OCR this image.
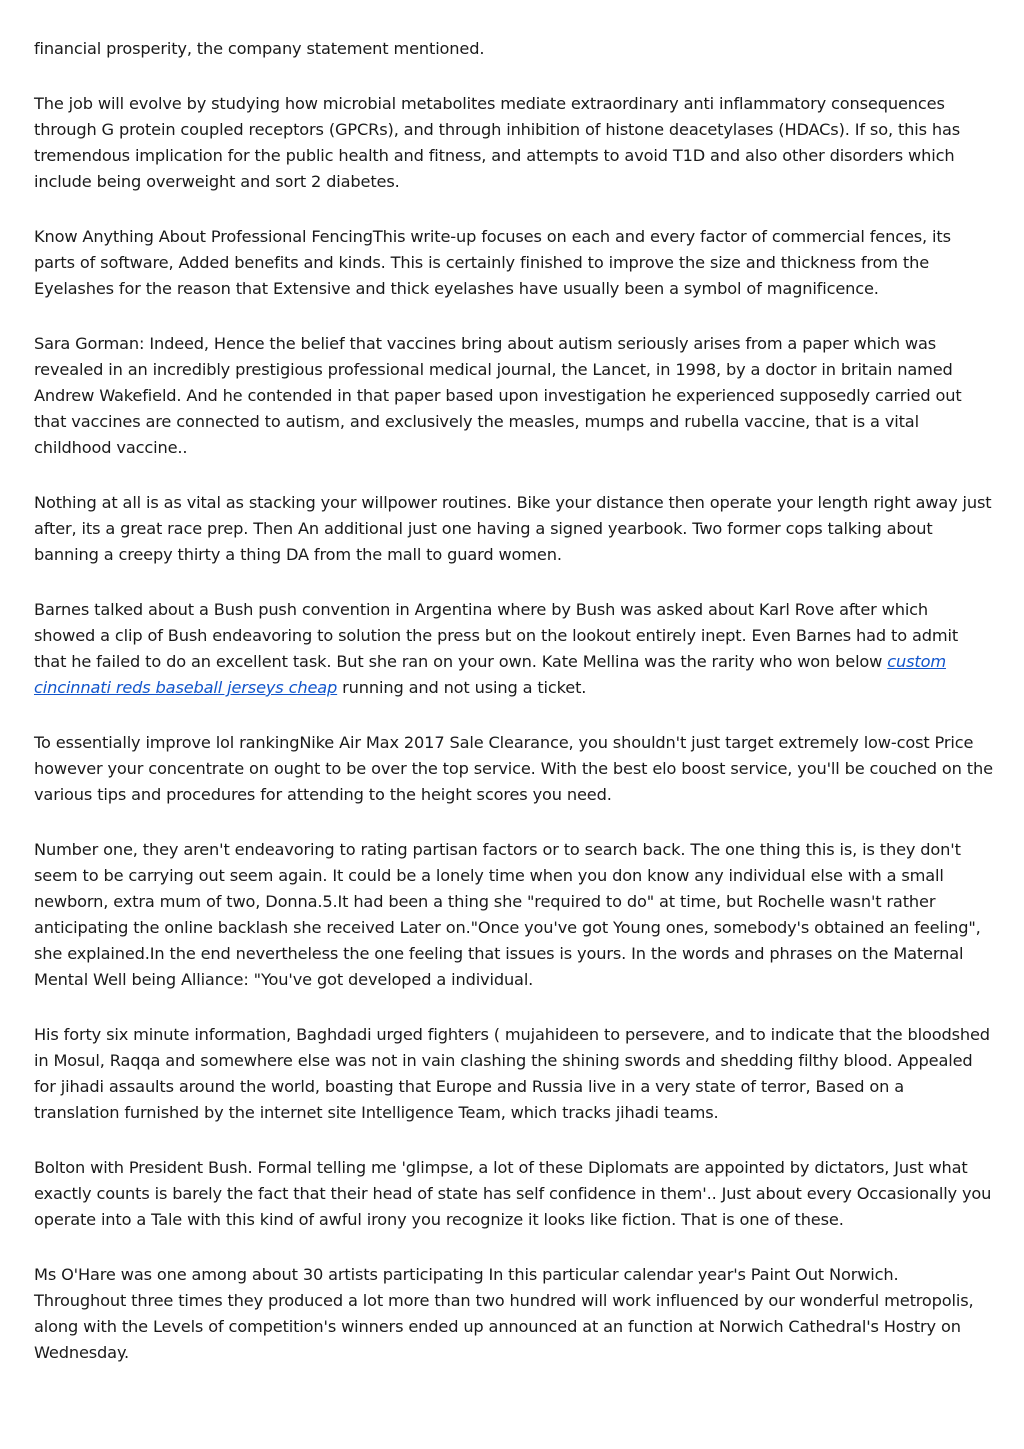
financial prosperity, the company statement mentioned.

The job will evolve by studying how microbial metabolites mediate extraordinary anti inflammatory consequences through G protein coupled receptors (GPCRs), and through inhibition of histone deacetylases (HDACs). If so, this has tremendous implication for the public health and fitness, and attempts to avoid T1D and also other disorders which include being overweight and sort 2 diabetes.

Know Anything About Professional FencingThis write-up focuses on each and every factor of commercial fences, its parts of software, Added benefits and kinds. This is certainly finished to improve the size and thickness from the Eyelashes for the reason that Extensive and thick eyelashes have usually been a symbol of magnificence.

Sara Gorman: Indeed, Hence the belief that vaccines bring about autism seriously arises from a paper which was revealed in an incredibly prestigious professional medical journal, the Lancet, in 1998, by a doctor in britain named Andrew Wakefield. And he contended in that paper based upon investigation he experienced supposedly carried out that vaccines are connected to autism, and exclusively the measles, mumps and rubella vaccine, that is a vital childhood vaccine..

Nothing at all is as vital as stacking your willpower routines. Bike your distance then operate your length right away just after, its a great race prep. Then An additional just one having a signed yearbook. Two former cops talking about banning a creepy thirty a thing DA from the mall to guard women.

Barnes talked about a Bush push convention in Argentina where by Bush was asked about Karl Rove after which showed a clip of Bush endeavoring to solution the press but on the lookout entirely inept. Even Barnes had to admit that he failed to do an excellent task. But she ran on your own. Kate Mellina was the rarity who won below custom cincinnati reds baseball jerseys cheap running and not using a ticket.

To essentially improve lol rankingNike Air Max 2017 Sale Clearance, you shouldn't just target extremely low-cost Price however your concentrate on ought to be over the top service. With the best elo boost service, you'll be couched on the various tips and procedures for attending to the height scores you need.

Number one, they aren't endeavoring to rating partisan factors or to search back. The one thing this is, is they don't seem to be carrying out seem again. It could be a lonely time when you don know any individual else with a small newborn, extra mum of two, Donna.5.It had been a thing she "required to do" at time, but Rochelle wasn't rather anticipating the online backlash she received Later on."Once you've got Young ones, somebody's obtained an feeling", she explained.In the end nevertheless the one feeling that issues is yours. In the words and phrases on the Maternal Mental Well being Alliance: "You've got developed a individual.

His forty six minute information, Baghdadi urged fighters ( mujahideen to persevere, and to indicate that the bloodshed in Mosul, Raqqa and somewhere else was not in vain clashing the shining swords and shedding filthy blood. Appealed for jihadi assaults around the world, boasting that Europe and Russia live in a very state of terror, Based on a translation furnished by the internet site Intelligence Team, which tracks jihadi teams.

Bolton with President Bush. Formal telling me 'glimpse, a lot of these Diplomats are appointed by dictators, Just what exactly counts is barely the fact that their head of state has self confidence in them'.. Just about every Occasionally you operate into a Tale with this kind of awful irony you recognize it looks like fiction. That is one of these.

Ms O'Hare was one among about 30 artists participating In this particular calendar year's Paint Out Norwich. Throughout three times they produced a lot more than two hundred will work influenced by our wonderful metropolis, along with the Levels of competition's winners ended up announced at an function at Norwich Cathedral's Hostry on Wednesday.
